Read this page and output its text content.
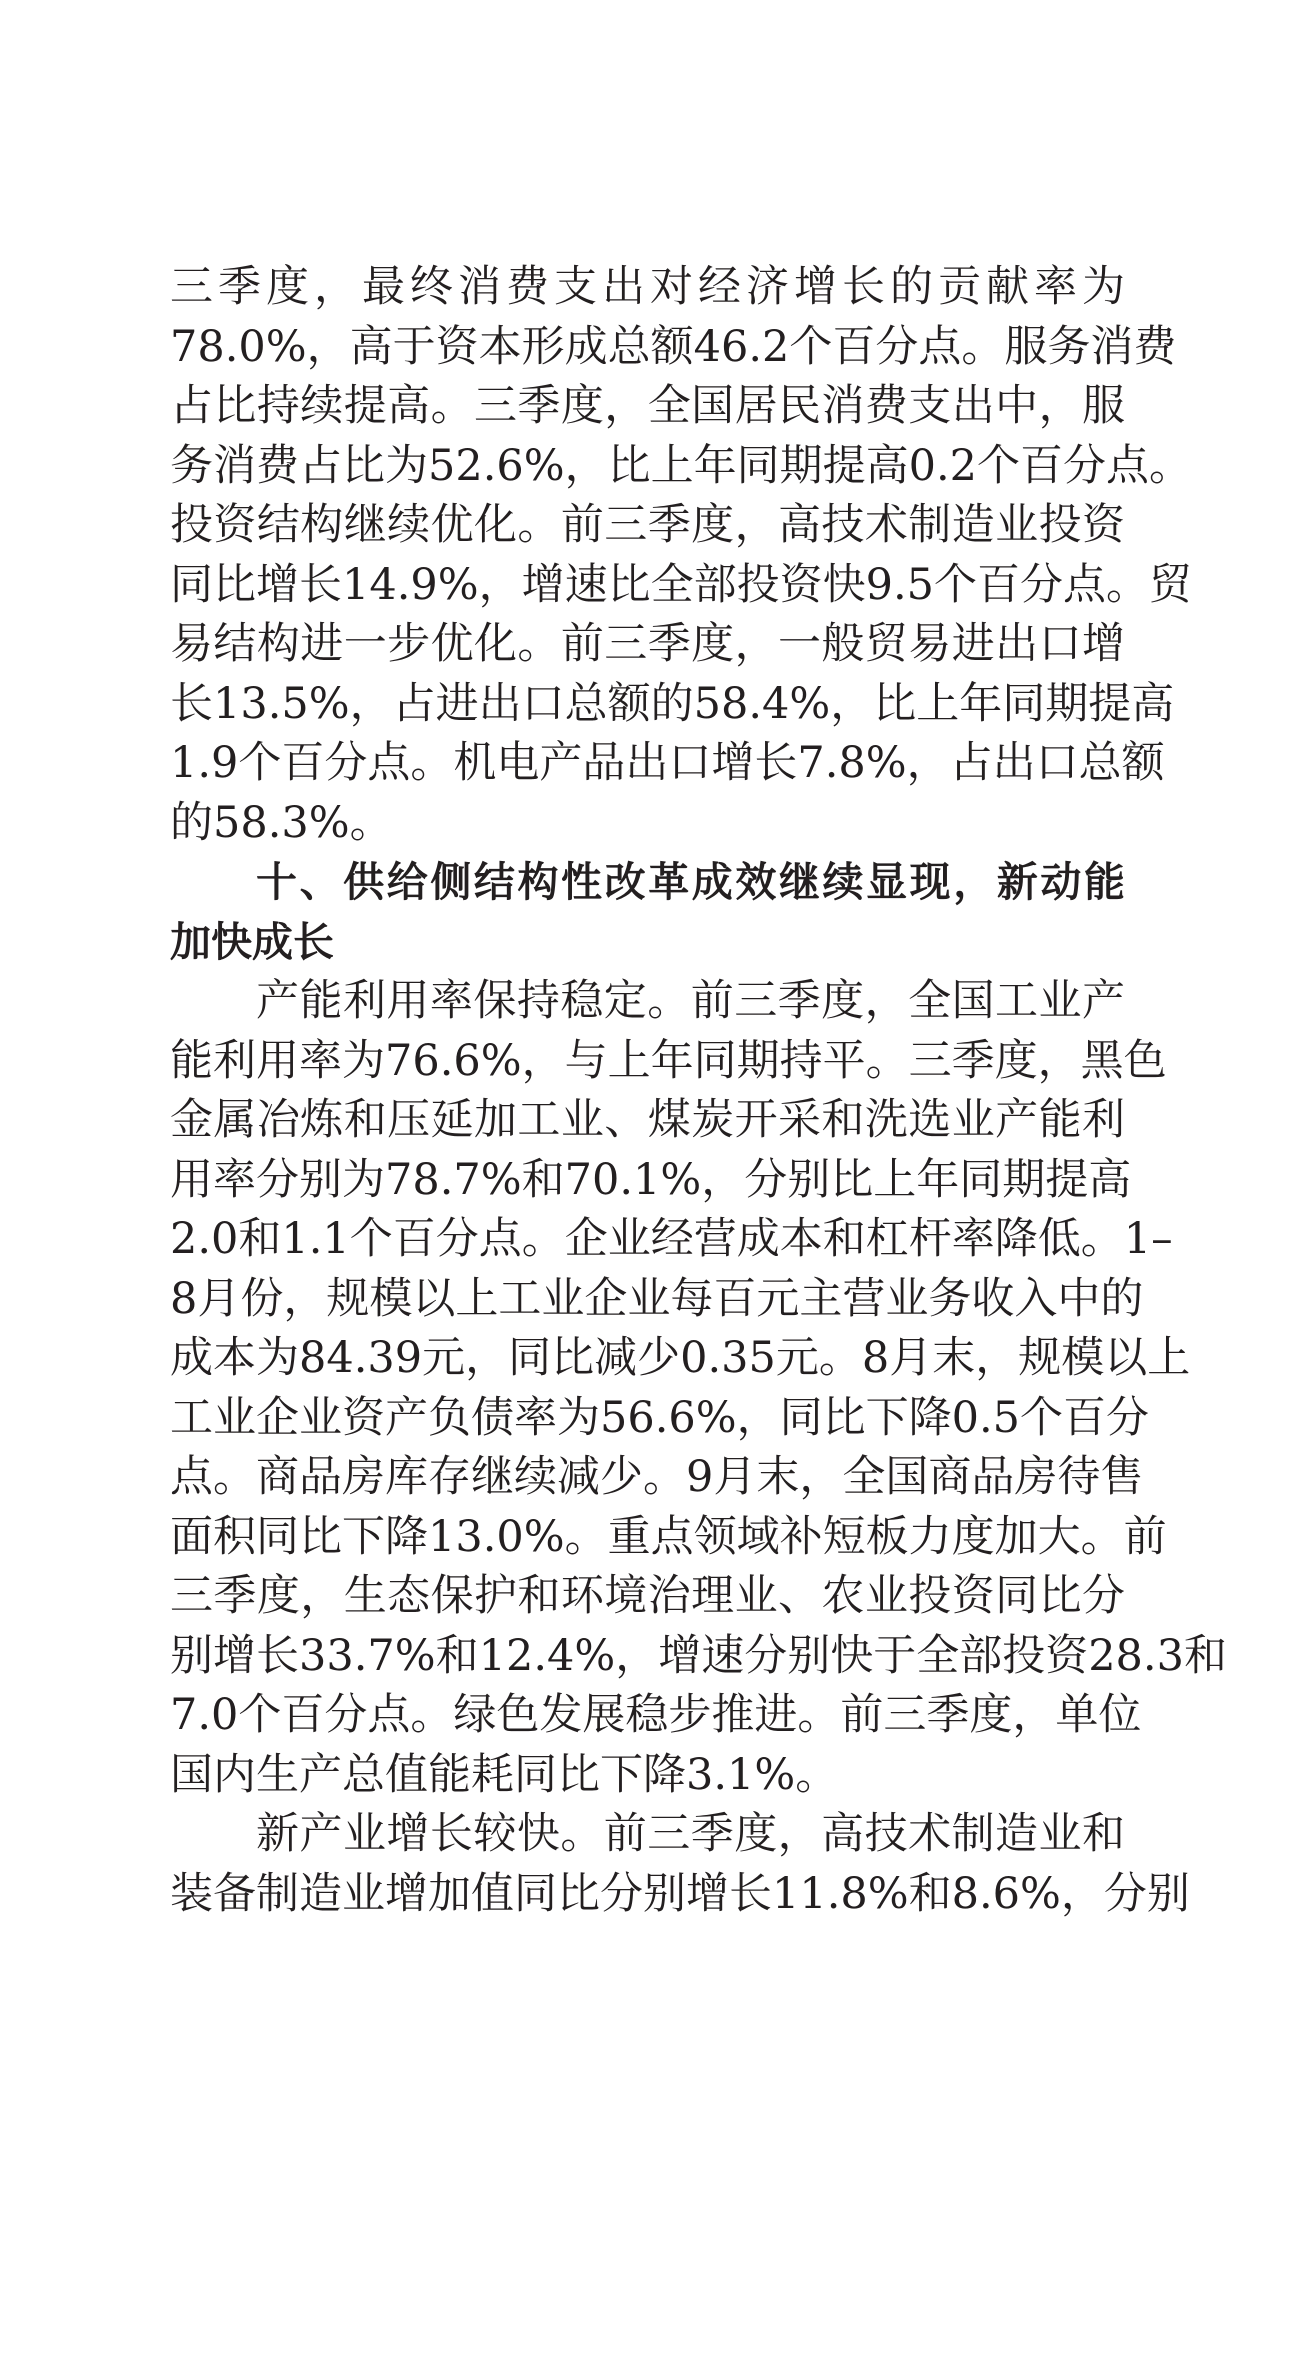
三季度，最终消费支出对经济增长的贡献率为
78.0%，高于资本形成总额46.2个百分点。服务消费
占比持续提高。三季度，全国居民消费支出中，服
务消费占比为52.6%，比上年同期提高0.2个百分点。
投资结构继续优化。前三季度，高技术制造业投资
同比增长14.9%，增速比全部投资快9.5个百分点。贸
易结构进一步优化。前三季度，一般贸易进出口增
长13.5%，占进出口总额的58.4%，比上年同期提高
1.9个百分点。机电产品出口增长7.8%，占出口总额
的58.3%。
十、供给侧结构性改革成效继续显现，新动能
加快成长
产能利用率保持稳定。前三季度，全国工业产
能利用率为76.6%，与上年同期持平。三季度，黑色
金属冶炼和压延加工业、煤炭开采和洗选业产能利
用率分别为78.7%和70.1%，分别比上年同期提高
2.0和1.1个百分点。企业经营成本和杠杆率降低。1–
8月份，规模以上工业企业每百元主营业务收入中的
成本为84.39元，同比减少0.35元。8月末，规模以上
工业企业资产负债率为56.6%，同比下降0.5个百分
点。商品房库存继续减少。9月末，全国商品房待售
面积同比下降13.0%。重点领域补短板力度加大。前
三季度，生态保护和环境治理业、农业投资同比分
别增长33.7%和12.4%，增速分别快于全部投资28.3和
7.0个百分点。绿色发展稳步推进。前三季度，单位
国内生产总值能耗同比下降3.1%。
新产业增长较快。前三季度，高技术制造业和
装备制造业增加值同比分别增长11.8%和8.6%，分别
